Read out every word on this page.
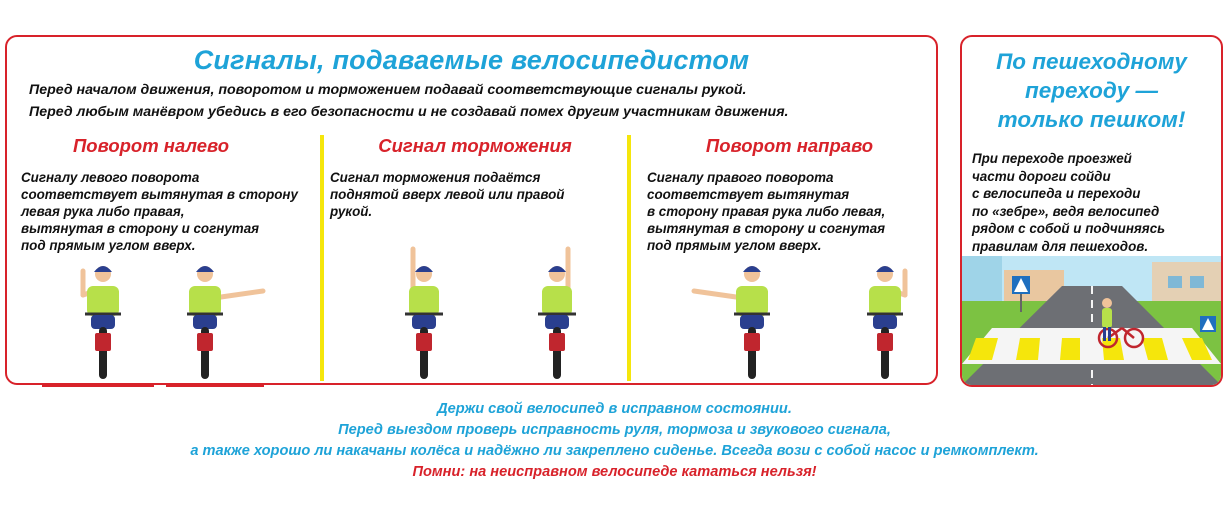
Сигналы, подаваемые велосипедистом

Перед началом движения, поворотом и торможением подавай соответствующие сигналы рукой.
Перед любым манёвром убедись в его безопасности и не создавай помех другим участникам движения.

Поворот налево

Сигналу левого поворота
соответствует вытянутая в сторону
левая рука либо правая,
вытянутая в сторону и согнутая
под прямым углом вверх.

Сигнал торможения

Сигнал торможения подаётся
поднятой вверх левой или правой
рукой.

Поворот направо

Сигналу правого поворота
соответствует вытянутая
в сторону правая рука либо левая,
вытянутая в сторону и согнутая
под прямым углом вверх.

По пешеходному
переходу —
только пешком!

При переходе проезжей
части дороги сойди
с велосипеда и переходи
по «зебре», ведя велосипед
рядом с собой и подчиняясь
правилам для пешеходов.

Держи свой велосипед в исправном состоянии.

Перед выездом проверь исправность руля, тормоза и звукового сигнала,

а также хорошо ли накачаны колёса и надёжно ли закреплено сиденье. Всегда вози с собой насос и ремкомплект.

Помни: на неисправном велосипеде кататься нельзя!
